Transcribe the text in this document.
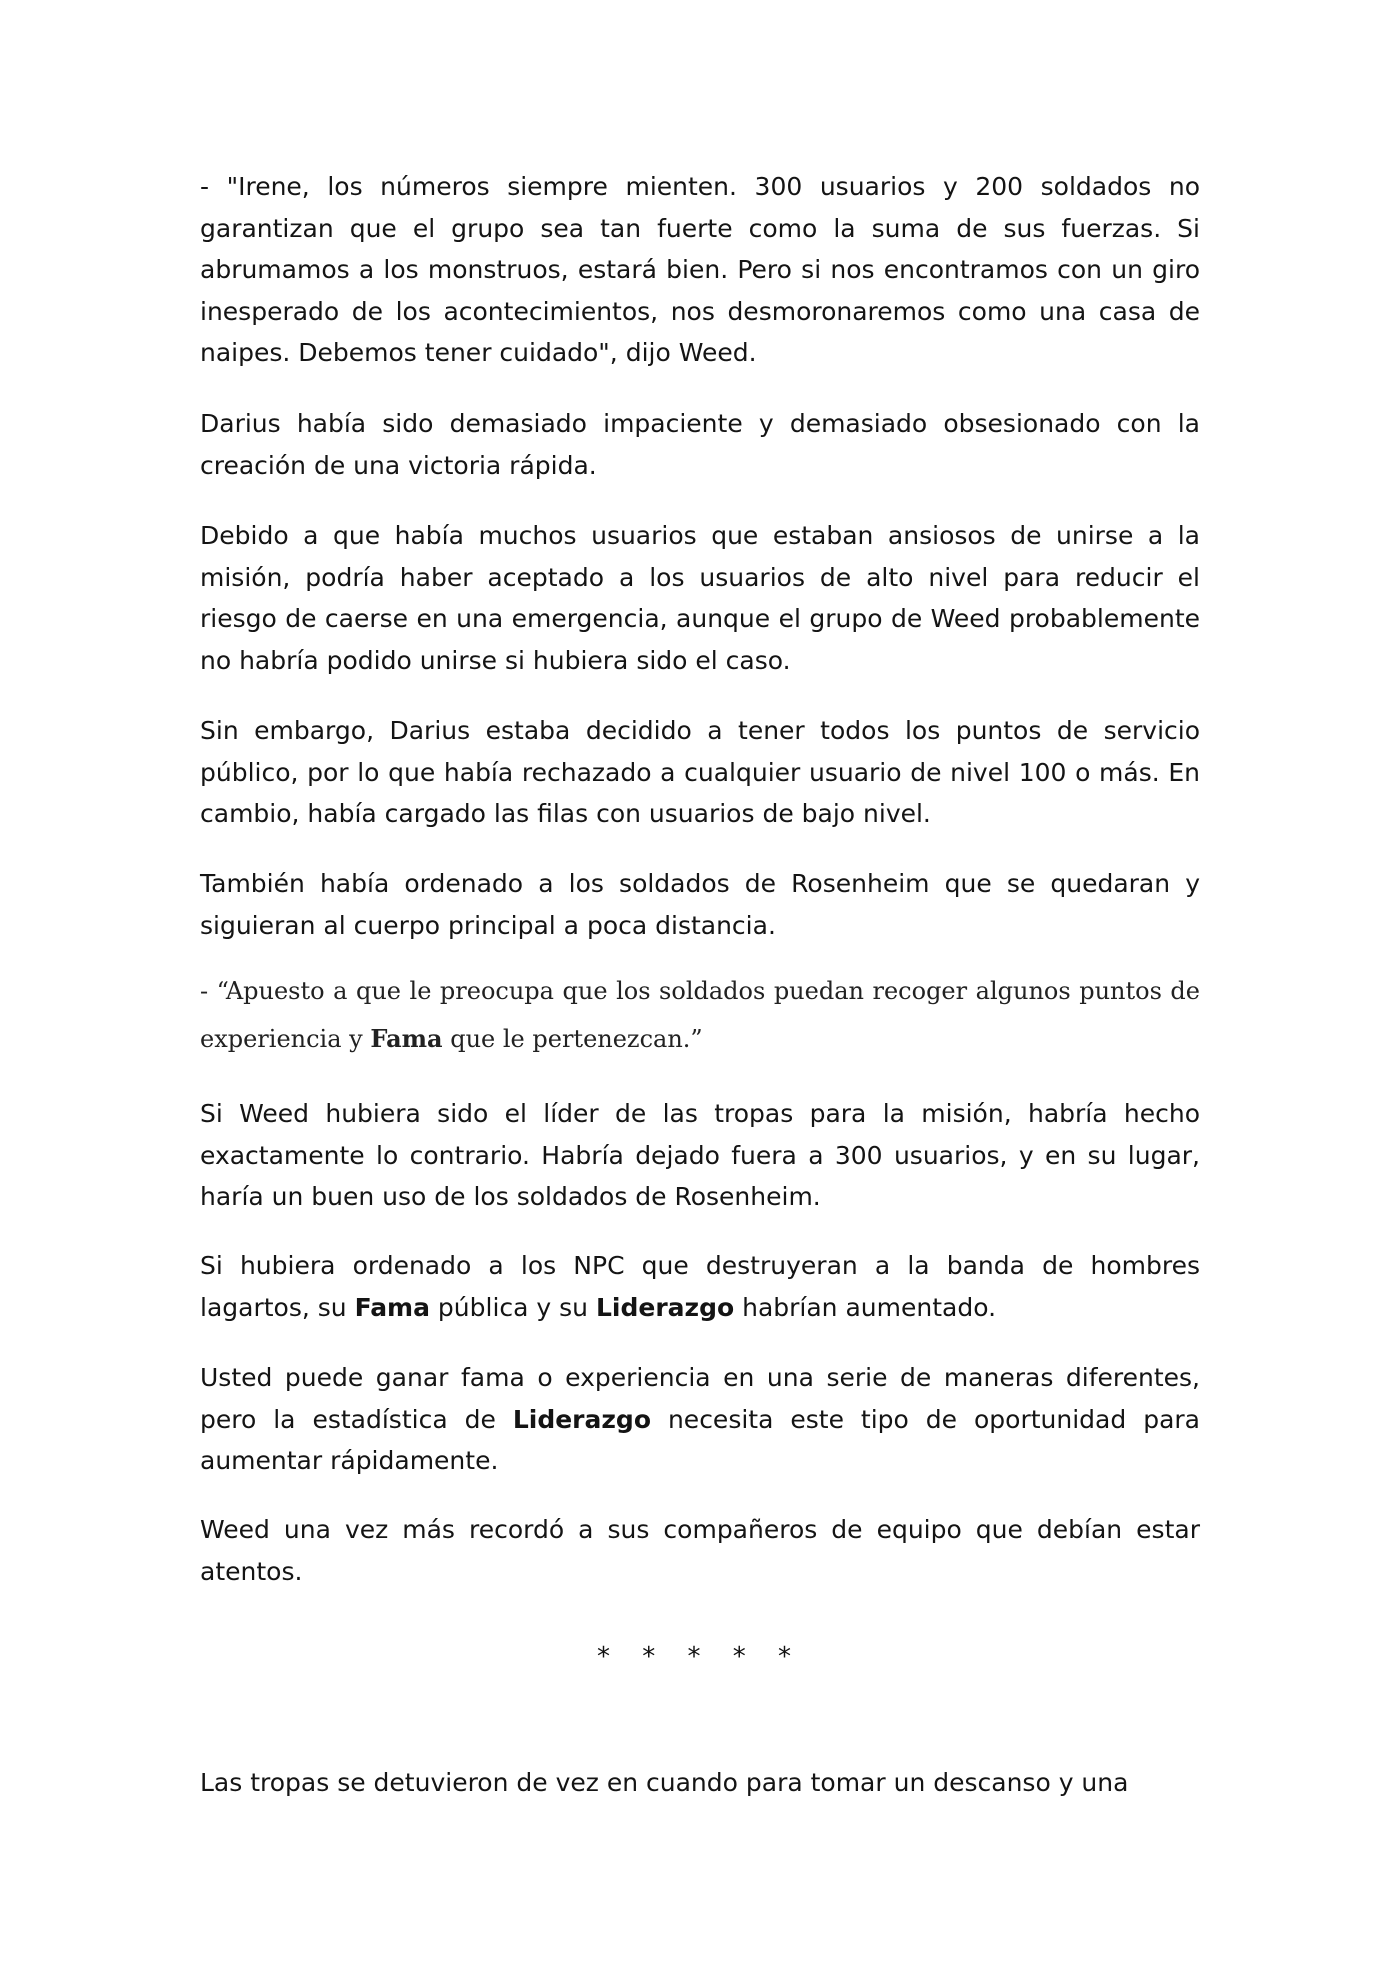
- "Irene, los números siempre mienten. 300 usuarios y 200 soldados no garantizan que el grupo sea tan fuerte como la suma de sus fuerzas. Si abrumamos a los monstruos, estará bien. Pero si nos encontramos con un giro inesperado de los acontecimientos, nos desmoronaremos como una casa de naipes. Debemos tener cuidado", dijo Weed.

Darius había sido demasiado impaciente y demasiado obsesionado con la creación de una victoria rápida.

Debido a que había muchos usuarios que estaban ansiosos de unirse a la misión, podría haber aceptado a los usuarios de alto nivel para reducir el riesgo de caerse en una emergencia, aunque el grupo de Weed probablemente no habría podido unirse si hubiera sido el caso.

Sin embargo, Darius estaba decidido a tener todos los puntos de servicio público, por lo que había rechazado a cualquier usuario de nivel 100 o más. En cambio, había cargado las filas con usuarios de bajo nivel.

También había ordenado a los soldados de Rosenheim que se quedaran y siguieran al cuerpo principal a poca distancia.

- “Apuesto a que le preocupa que los soldados puedan recoger algunos puntos de experiencia y Fama que le pertenezcan.”

Si Weed hubiera sido el líder de las tropas para la misión, habría hecho exactamente lo contrario. Habría dejado fuera a 300 usuarios, y en su lugar, haría un buen uso de los soldados de Rosenheim.

Si hubiera ordenado a los NPC que destruyeran a la banda de hombres lagartos, su Fama pública y su Liderazgo habrían aumentado.

Usted puede ganar fama o experiencia en una serie de maneras diferentes, pero la estadística de Liderazgo necesita este tipo de oportunidad para aumentar rápidamente.

Weed una vez más recordó a sus compañeros de equipo que debían estar atentos.

* * * * *

Las tropas se detuvieron de vez en cuando para tomar un descanso y una
